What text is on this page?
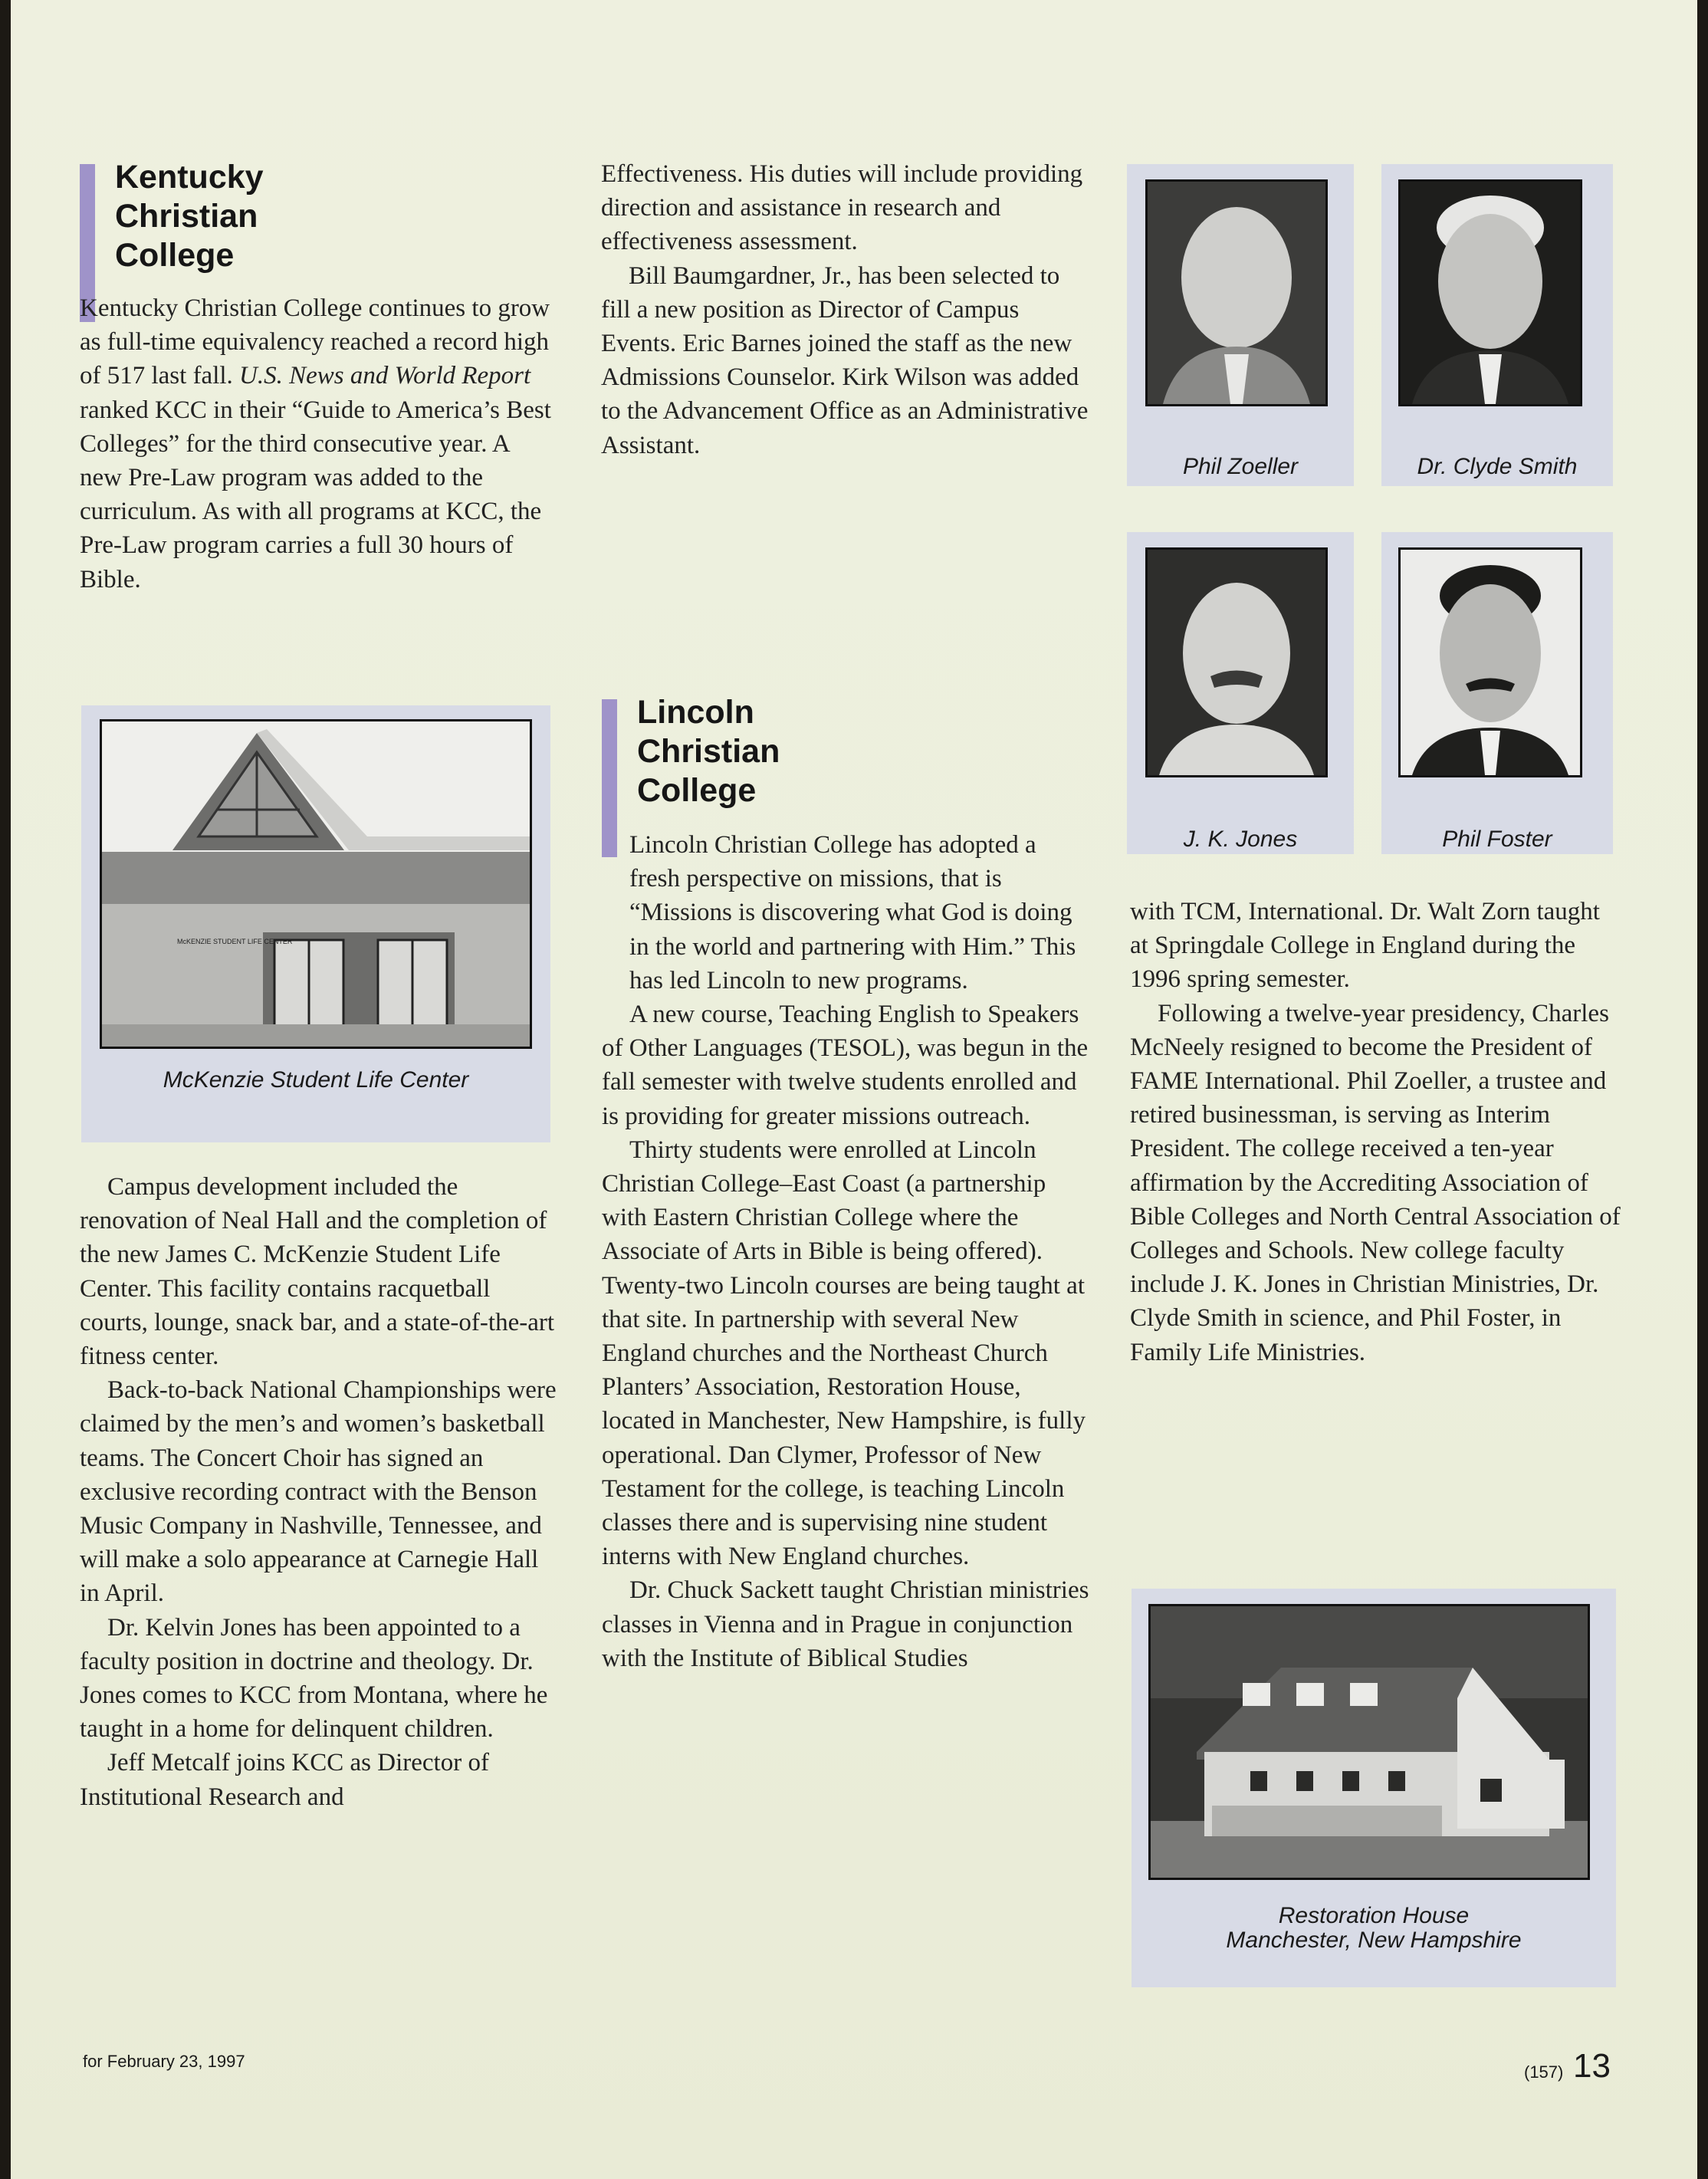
Kentucky
Christian
College

Kentucky Christian College continues to grow as full-time equivalency reached a record high of 517 last fall. U.S. News and World Report ranked KCC in their “Guide to America’s Best Colleges” for the third consecutive year. A new Pre-Law program was added to the curriculum. As with all programs at KCC, the Pre-Law program carries a full 30 hours of Bible.

McKENZIE STUDENT LIFE CENTER
McKenzie Student Life Center

Campus development included the renovation of Neal Hall and the completion of the new James C. McKenzie Student Life Center. This facility contains racquetball courts, lounge, snack bar, and a state-of-the-art fitness center.

Back-to-back National Championships were claimed by the men’s and women’s basketball teams. The Concert Choir has signed an exclusive recording contract with the Benson Music Company in Nashville, Tennessee, and will make a solo appearance at Carnegie Hall in April.

Dr. Kelvin Jones has been appointed to a faculty position in doctrine and theology. Dr. Jones comes to KCC from Montana, where he taught in a home for delinquent children.

Jeff Metcalf joins KCC as Director of Institutional Research and

Effectiveness. His duties will include providing direction and assistance in research and effectiveness assessment.

Bill Baumgardner, Jr., has been selected to fill a new position as Director of Campus Events. Eric Barnes joined the staff as the new Admissions Counselor. Kirk Wilson was added to the Advancement Office as an Administrative Assistant.

Lincoln
Christian
College

Lincoln Christian College has adopted a fresh perspective on missions, that is “Missions is discovering what God is doing in the world and partnering with Him.” This has led Lincoln to new programs.

A new course, Teaching English to Speakers of Other Languages (TESOL), was begun in the fall semester with twelve students enrolled and is providing for greater missions outreach.

Thirty students were enrolled at Lincoln Christian College–East Coast (a partnership with Eastern Christian College where the Associate of Arts in Bible is being offered). Twenty-two Lincoln courses are being taught at that site. In partnership with several New England churches and the Northeast Church Planters’ Association, Restoration House, located in Manchester, New Hampshire, is fully operational. Dan Clymer, Professor of New Testament for the college, is teaching Lincoln classes there and is supervising nine student interns with New England churches.

Dr. Chuck Sackett taught Christian ministries classes in Vienna and in Prague in conjunction with the Institute of Biblical Studies

Phil Zoeller	Dr. Clyde Smith
J. K. Jones	Phil Foster

with TCM, International. Dr. Walt Zorn taught at Springdale College in England during the 1996 spring semester.

Following a twelve-year presidency, Charles McNeely resigned to become the President of FAME International. Phil Zoeller, a trustee and retired businessman, is serving as Interim President. The college received a ten-year affirmation by the Accrediting Association of Bible Colleges and North Central Association of Colleges and Schools. New college faculty include J. K. Jones in Christian Ministries, Dr. Clyde Smith in science, and Phil Foster, in Family Life Ministries.

Restoration House
Manchester, New Hampshire
for February 23, 1997
(157) 13
